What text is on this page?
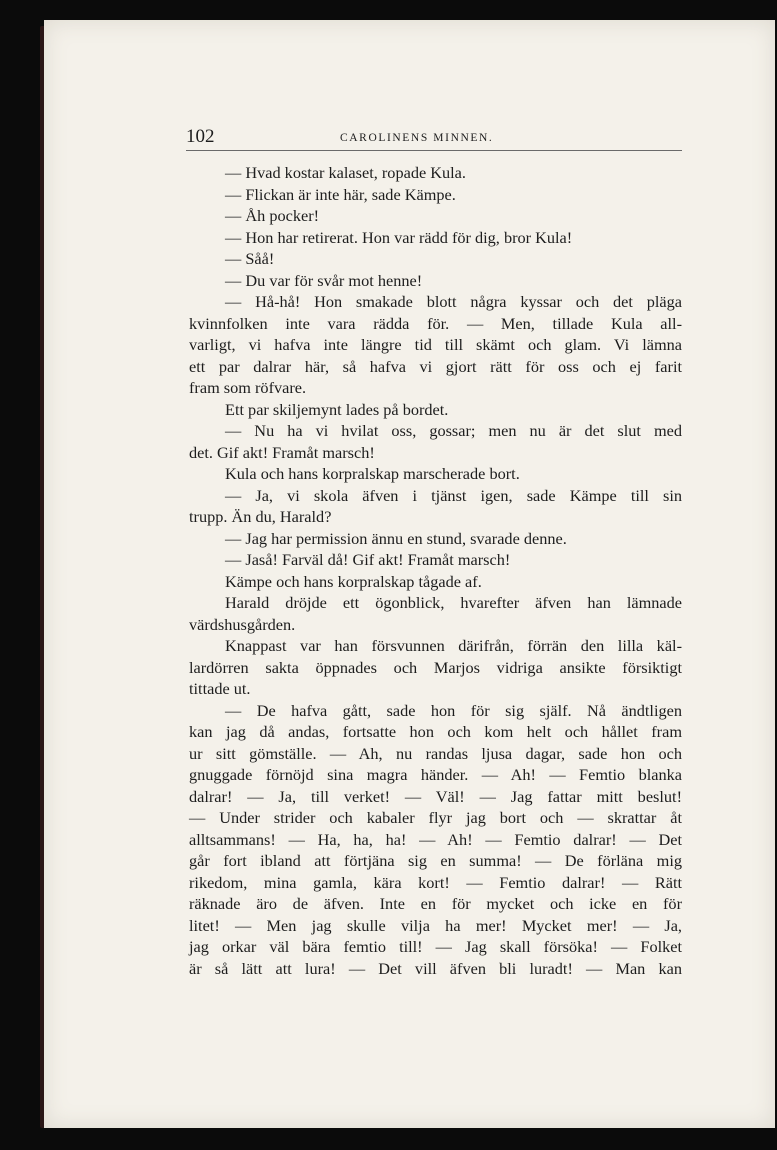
102	CAROLINENS MINNEN.
— Hvad kostar kalaset, ropade Kula.
— Flickan är inte här, sade Kämpe.
— Åh pocker!
— Hon har retirerat. Hon var rädd för dig, bror Kula!
— Såå!
— Du var för svår mot henne!
— Hå-hå! Hon smakade blott några kyssar och det pläga
kvinnfolken inte vara rädda för. — Men, tillade Kula all-
varligt, vi hafva inte längre tid till skämt och glam. Vi lämna
ett par dalrar här, så hafva vi gjort rätt för oss och ej farit
fram som röfvare.
Ett par skiljemynt lades på bordet.
— Nu ha vi hvilat oss, gossar; men nu är det slut med
det. Gif akt! Framåt marsch!
Kula och hans korpralskap marscherade bort.
— Ja, vi skola äfven i tjänst igen, sade Kämpe till sin
trupp. Än du, Harald?
— Jag har permission ännu en stund, svarade denne.
— Jaså! Farväl då! Gif akt! Framåt marsch!
Kämpe och hans korpralskap tågade af.
Harald dröjde ett ögonblick, hvarefter äfven han lämnade
värdshusgården.
Knappast var han försvunnen därifrån, förrän den lilla käl-
lardörren sakta öppnades och Marjos vidriga ansikte försiktigt
tittade ut.
— De hafva gått, sade hon för sig själf. Nå ändtligen
kan jag då andas, fortsatte hon och kom helt och hållet fram
ur sitt gömställe. — Ah, nu randas ljusa dagar, sade hon och
gnuggade förnöjd sina magra händer. — Ah! — Femtio blanka
dalrar! — Ja, till verket! — Väl! — Jag fattar mitt beslut!
— Under strider och kabaler flyr jag bort och — skrattar åt
alltsammans! — Ha, ha, ha! — Ah! — Femtio dalrar! — Det
går fort ibland att förtjäna sig en summa! — De förläna mig
rikedom, mina gamla, kära kort! — Femtio dalrar! — Rätt
räknade äro de äfven. Inte en för mycket och icke en för
litet! — Men jag skulle vilja ha mer! Mycket mer! — Ja,
jag orkar väl bära femtio till! — Jag skall försöka! — Folket
är så lätt att lura! — Det vill äfven bli luradt! — Man kan
